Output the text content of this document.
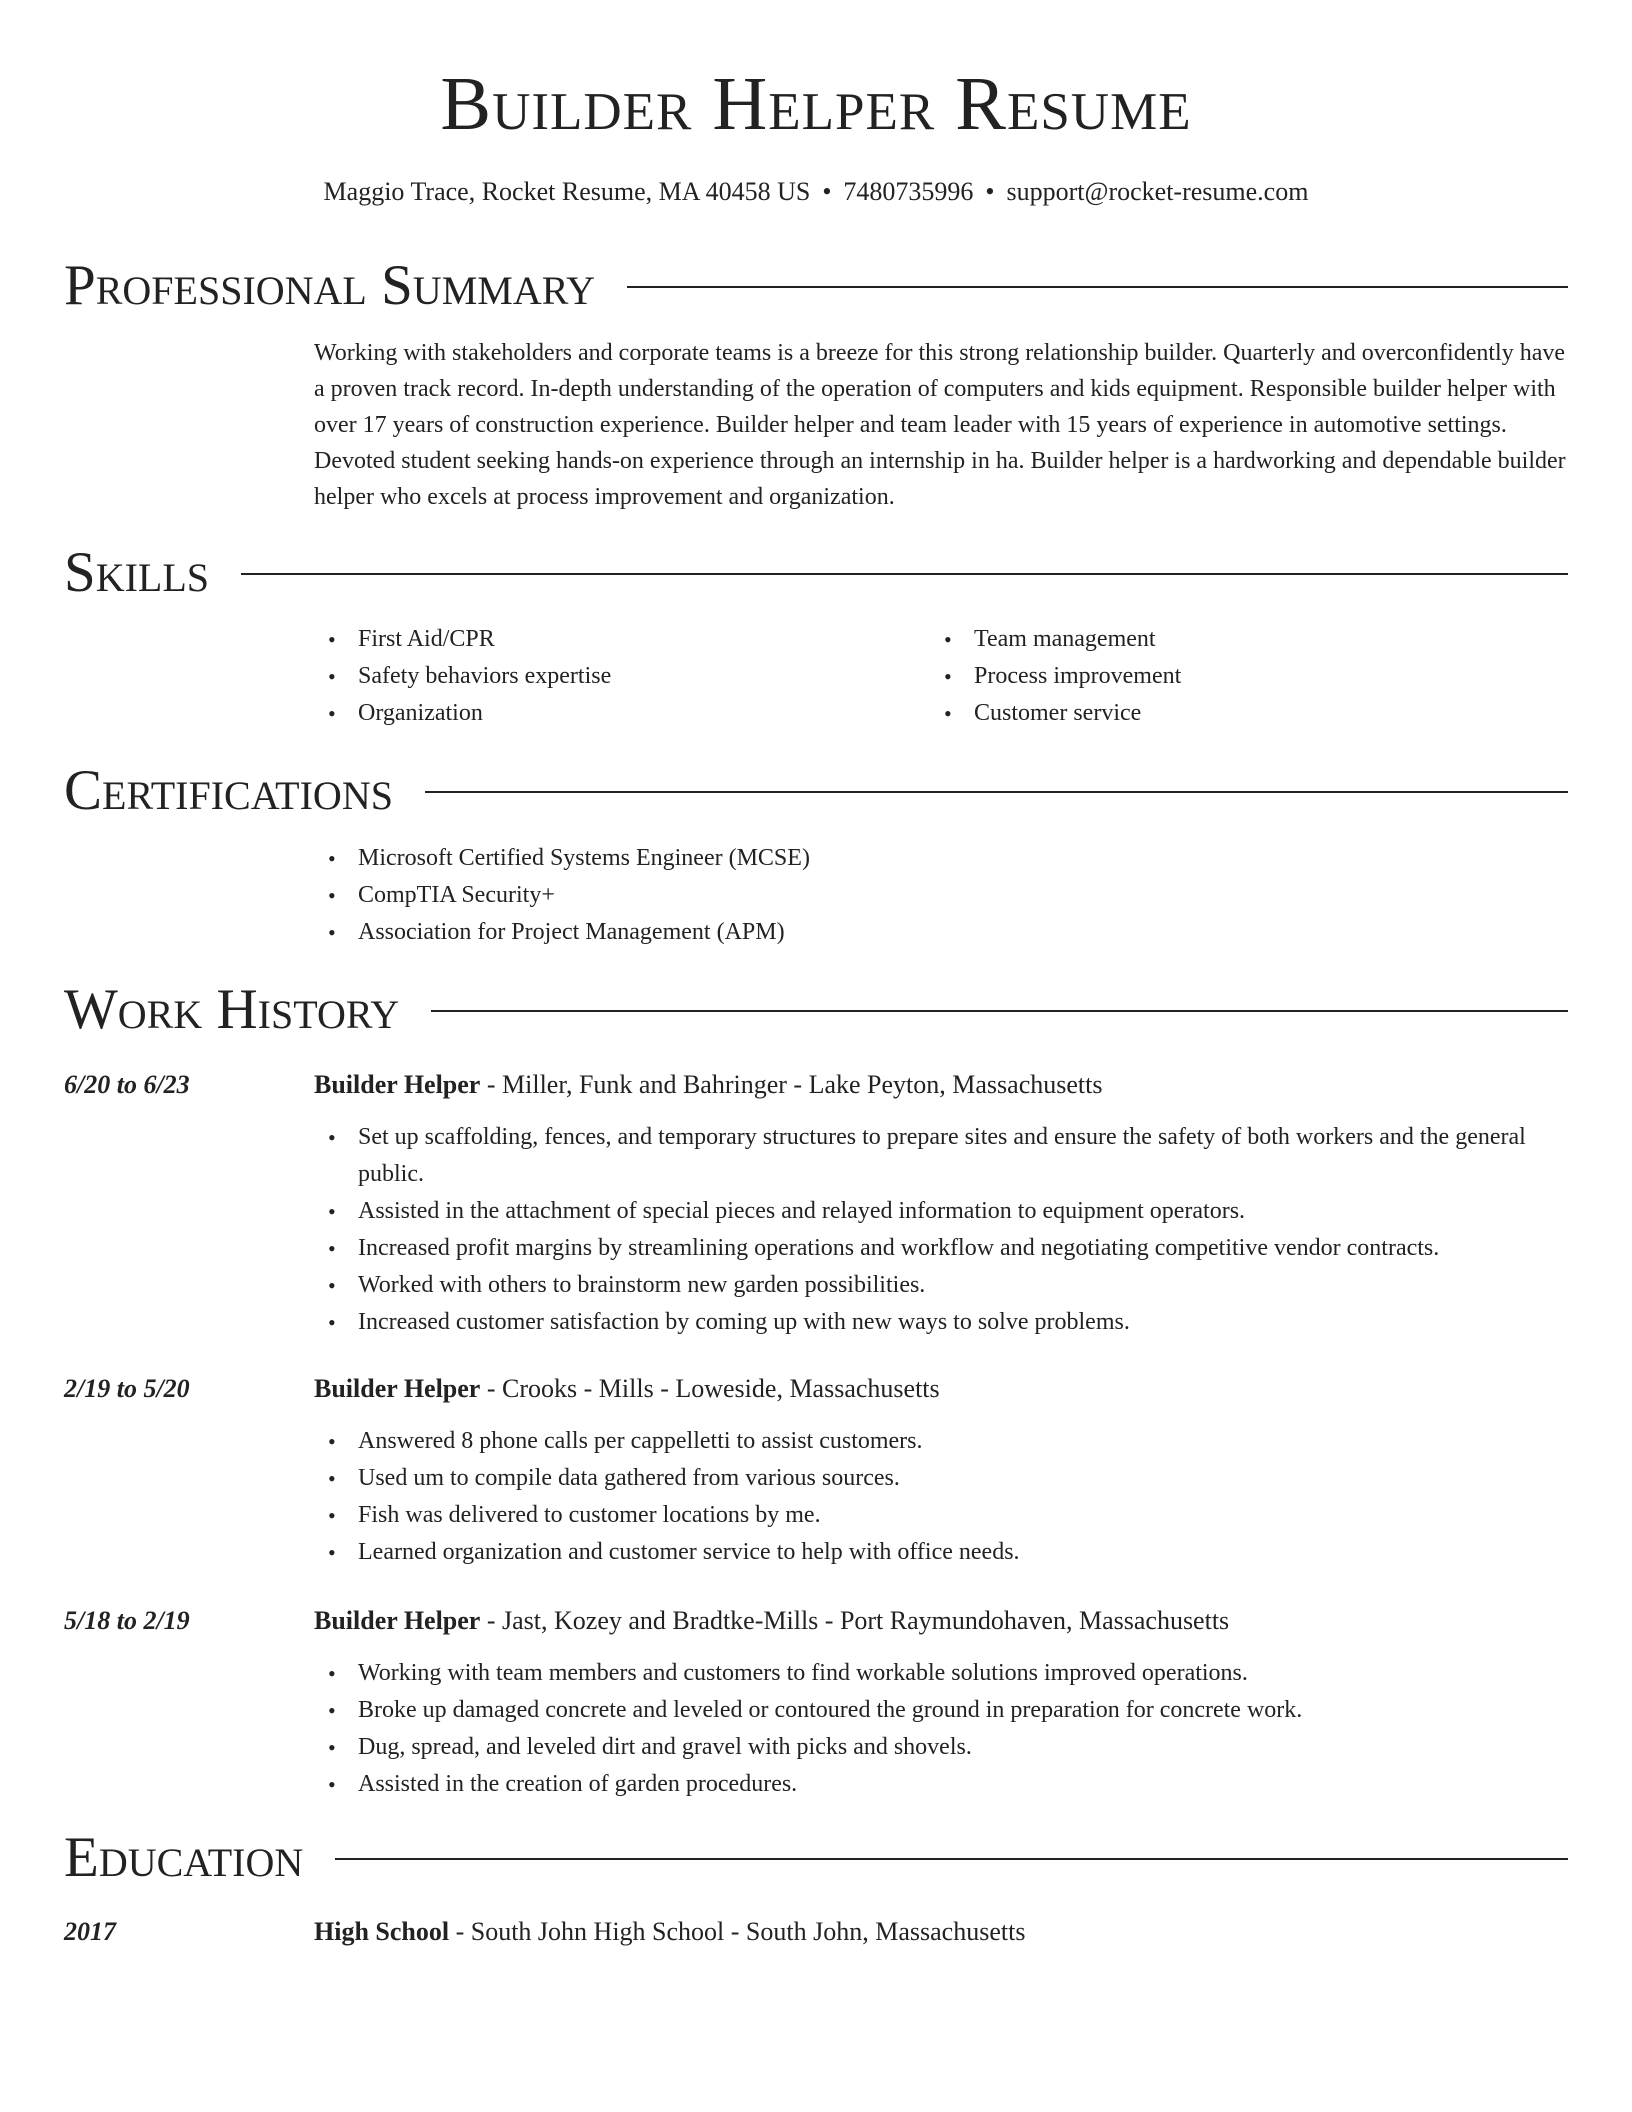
Builder Helper Resume
Maggio Trace, Rocket Resume, MA 40458 US • 7480735996 • support@rocket-resume.com
Professional Summary

Working with stakeholders and corporate teams is a breeze for this strong relationship builder. Quarterly and overconfidently have a proven track record. In-depth understanding of the operation of computers and kids equipment. Responsible builder helper with over 17 years of construction experience. Builder helper and team leader with 15 years of experience in automotive settings. Devoted student seeking hands-on experience through an internship in ha. Builder helper is a hardworking and dependable builder helper who excels at process improvement and organization.

Skills
• First Aid/CPR
• Safety behaviors expertise
• Organization
• Team management
• Process improvement
• Customer service
Certifications
• Microsoft Certified Systems Engineer (MCSE)
• CompTIA Security+
• Association for Project Management (APM)
Work History
6/20 to 6/23	Builder Helper - Miller, Funk and Bahringer - Lake Peyton, Massachusetts
• Set up scaffolding, fences, and temporary structures to prepare sites and ensure the safety of both workers and the general public.
• Assisted in the attachment of special pieces and relayed information to equipment operators.
• Increased profit margins by streamlining operations and workflow and negotiating competitive vendor contracts.
• Worked with others to brainstorm new garden possibilities.
• Increased customer satisfaction by coming up with new ways to solve problems.
2/19 to 5/20	Builder Helper - Crooks - Mills - Loweside, Massachusetts
• Answered 8 phone calls per cappelletti to assist customers.
• Used um to compile data gathered from various sources.
• Fish was delivered to customer locations by me.
• Learned organization and customer service to help with office needs.
5/18 to 2/19	Builder Helper - Jast, Kozey and Bradtke-Mills - Port Raymundohaven, Massachusetts
• Working with team members and customers to find workable solutions improved operations.
• Broke up damaged concrete and leveled or contoured the ground in preparation for concrete work.
• Dug, spread, and leveled dirt and gravel with picks and shovels.
• Assisted in the creation of garden procedures.
Education
2017	High School - South John High School - South John, Massachusetts
